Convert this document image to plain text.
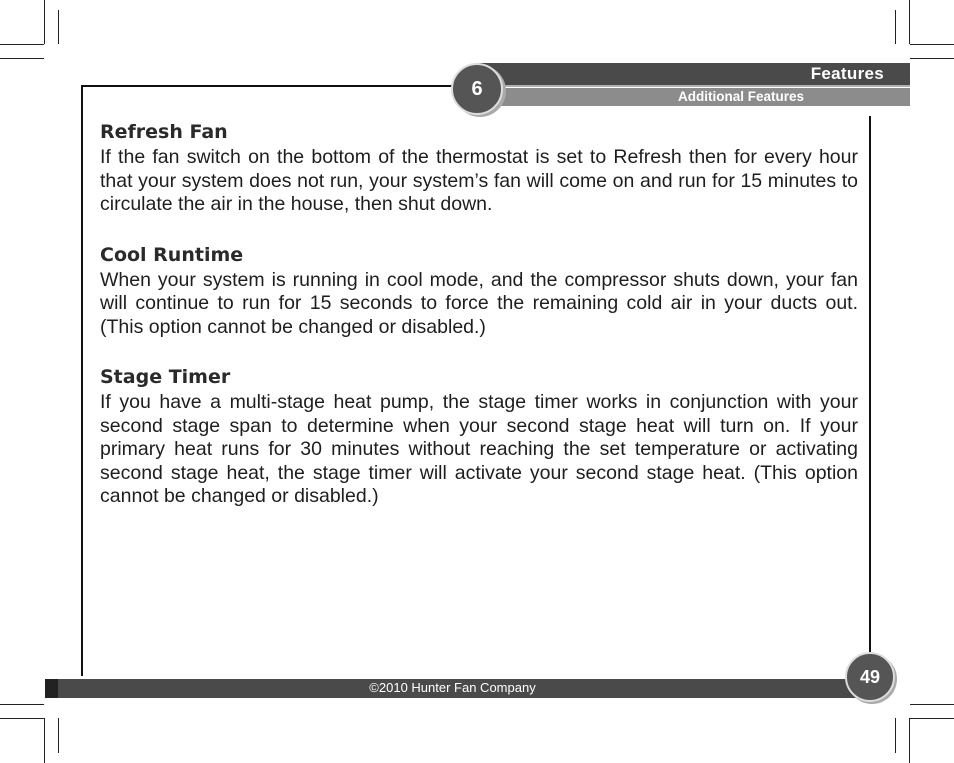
Features
Additional Features
6
Refresh Fan

If the fan switch on the bottom of the thermostat is set to Refresh then for every hour that your system does not run, your system’s fan will come on and run for 15 minutes to circulate the air in the house, then shut down.

Cool Runtime

When your system is running in cool mode, and the compressor shuts down, your fan will continue to run for 15 seconds to force the remaining cold air in your ducts out. (This option cannot be changed or disabled.)

Stage Timer

If you have a multi-stage heat pump, the stage timer works in conjunction with your second stage span to determine when your second stage heat will turn on. If your primary heat runs for 30 minutes without reaching the set temperature or activating second stage heat, the stage timer will activate your second stage heat. (This option cannot be changed or disabled.)

©2010 Hunter Fan Company
49
